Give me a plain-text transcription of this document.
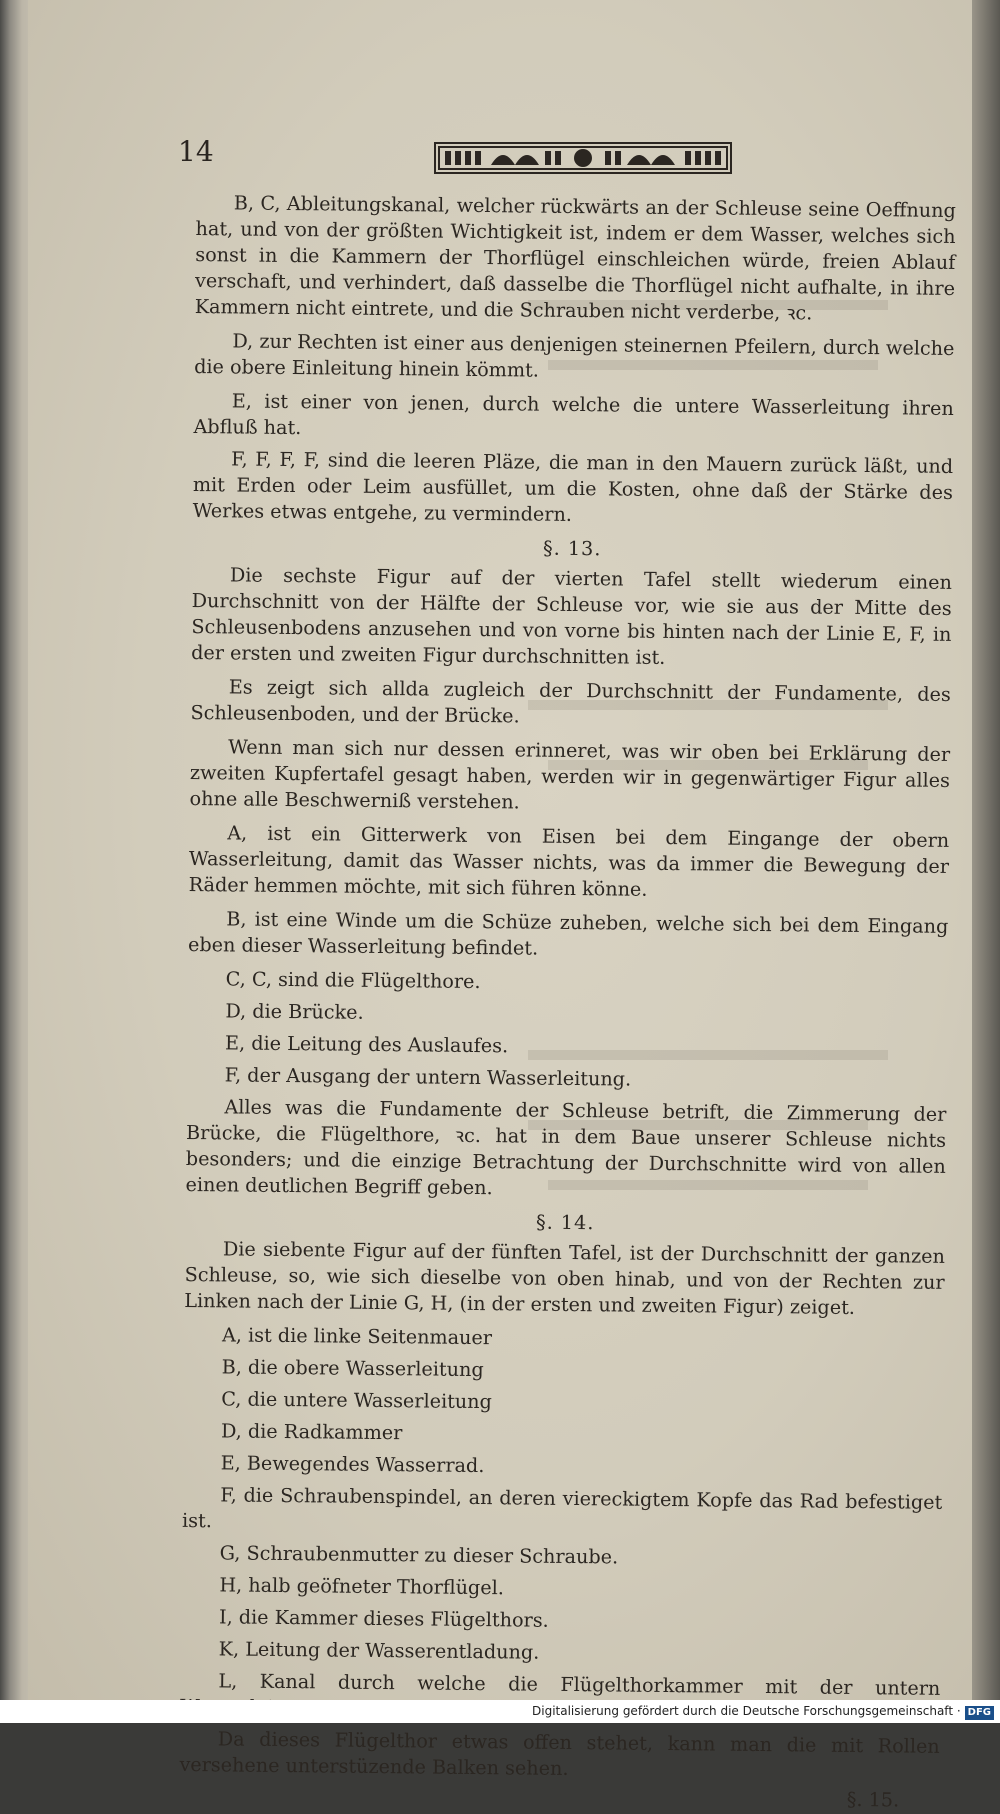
14

B, C, Ableitungskanal, welcher rückwärts an der Schleuse seine Oeffnung hat, und von der größten Wichtigkeit ist, indem er dem Wasser, welches sich sonst in die Kammern der Thorflügel einschleichen würde, freien Ablauf verschaft, und verhindert, daß dasselbe die Thorflügel nicht aufhalte, in ihre Kammern nicht eintrete, und die Schrauben nicht verderbe, ꝛc.

D, zur Rechten ist einer aus denjenigen steinernen Pfeilern, durch welche die obere Einleitung hinein kömmt.

E, ist einer von jenen, durch welche die untere Wasserleitung ihren Abfluß hat.

F, F, F, F, sind die leeren Pläze, die man in den Mauern zurück läßt, und mit Erden oder Leim ausfüllet, um die Kosten, ohne daß der Stärke des Werkes etwas entgehe, zu vermindern.

§. 13.

Die sechste Figur auf der vierten Tafel stellt wiederum einen Durchschnitt von der Hälfte der Schleuse vor, wie sie aus der Mitte des Schleusenbodens anzusehen und von vorne bis hinten nach der Linie E, F, in der ersten und zweiten Figur durchschnitten ist.

Es zeigt sich allda zugleich der Durchschnitt der Fundamente, des Schleusenboden, und der Brücke.

Wenn man sich nur dessen erinneret, was wir oben bei Erklärung der zweiten Kupfertafel gesagt haben, werden wir in gegenwärtiger Figur alles ohne alle Beschwerniß verstehen.

A, ist ein Gitterwerk von Eisen bei dem Eingange der obern Wasserleitung, damit das Wasser nichts, was da immer die Bewegung der Räder hemmen möchte, mit sich führen könne.

B, ist eine Winde um die Schüze zuheben, welche sich bei dem Eingang eben dieser Wasserleitung befindet.

C, C, sind die Flügelthore.

D, die Brücke.

E, die Leitung des Auslaufes.

F, der Ausgang der untern Wasserleitung.

Alles was die Fundamente der Schleuse betrift, die Zimmerung der Brücke, die Flügelthore, ꝛc. hat in dem Baue unserer Schleuse nichts besonders; und die einzige Betrachtung der Durchschnitte wird von allen einen deutlichen Begriff geben.

§. 14.

Die siebente Figur auf der fünften Tafel, ist der Durchschnitt der ganzen Schleuse, so, wie sich dieselbe von oben hinab, und von der Rechten zur Linken nach der Linie G, H, (in der ersten und zweiten Figur) zeiget.

A, ist die linke Seitenmauer

B, die obere Wasserleitung

C, die untere Wasserleitung

D, die Radkammer

E, Bewegendes Wasserrad.

F, die Schraubenspindel, an deren viereckigtem Kopfe das Rad befestiget ist.

G, Schraubenmutter zu dieser Schraube.

H, halb geöfneter Thorflügel.

I, die Kammer dieses Flügelthors.

K, Leitung der Wasserentladung.

L, Kanal durch welche die Flügelthorkammer mit der untern

Da dieses Flügelthor etwas offen stehet, kann man die mit Rollen versehene unterstüzende Balken sehen.

§. 15.
Digitalisierung gefördert durch die Deutsche Forschungsgemeinschaft · DFG
